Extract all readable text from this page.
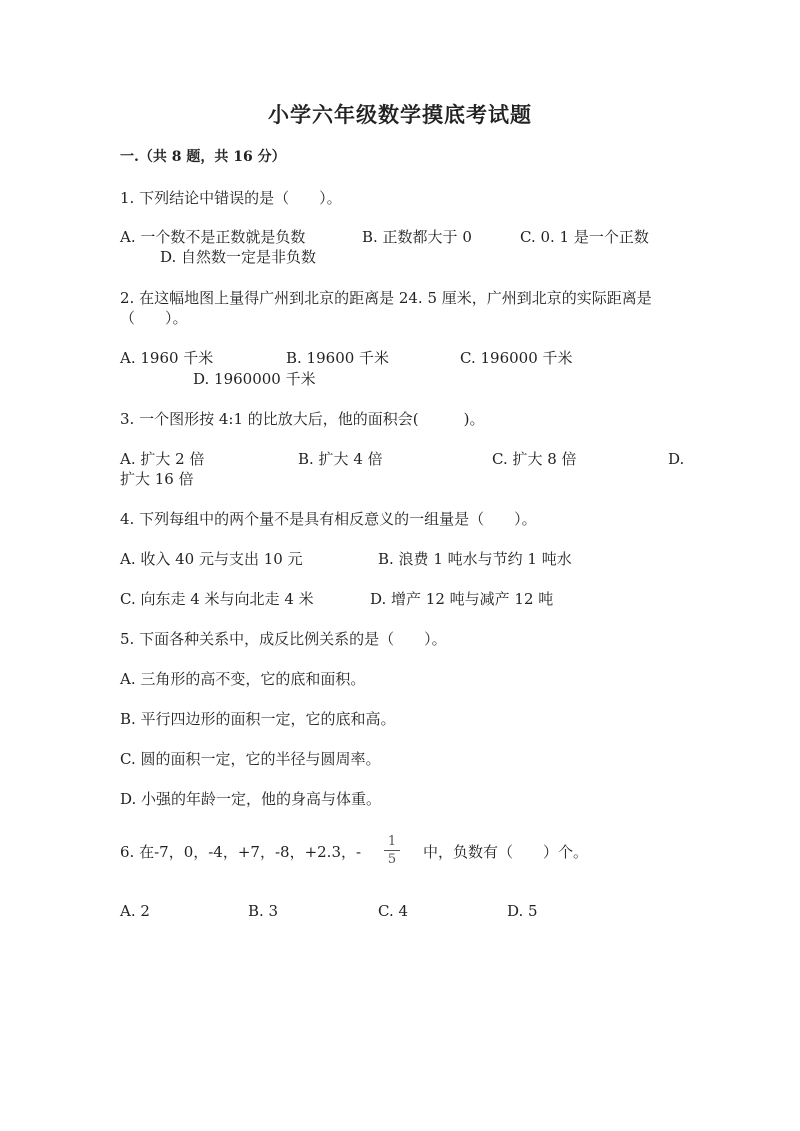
小学六年级数学摸底考试题
一.（共 8 题，共 16 分）
1. 下列结论中错误的是（　　）。
A. 一个数不是正数就是负数	B. 正数都大于 0	C. 0. 1 是一个正数
D. 自然数一定是非负数
2. 在这幅地图上量得广州到北京的距离是 24. 5 厘米，广州到北京的实际距离是
（　　）。
A. 1960 千米	B. 19600 千米	C. 196000 千米
D. 1960000 千米
3. 一个图形按 4:1 的比放大后，他的面积会(　　　)。
A. 扩大 2 倍	B. 扩大 4 倍	C. 扩大 8 倍	D.
扩大 16 倍
4. 下列每组中的两个量不是具有相反意义的一组量是（　　）。
A. 收入 40 元与支出 10 元	B. 浪费 1 吨水与节约 1 吨水
C. 向东走 4 米与向北走 4 米	D. 增产 12 吨与减产 12 吨
5. 下面各种关系中，成反比例关系的是（　　）。
A. 三角形的高不变，它的底和面积。
B. 平行四边形的面积一定，它的底和高。
C. 圆的面积一定，它的半径与圆周率。
D. 小强的年龄一定，他的身高与体重。
6. 在-7，0，-4，+7，-8，+2.3，-
1
5 中，负数有（　　）个。
A. 2	B. 3	C. 4	D. 5
